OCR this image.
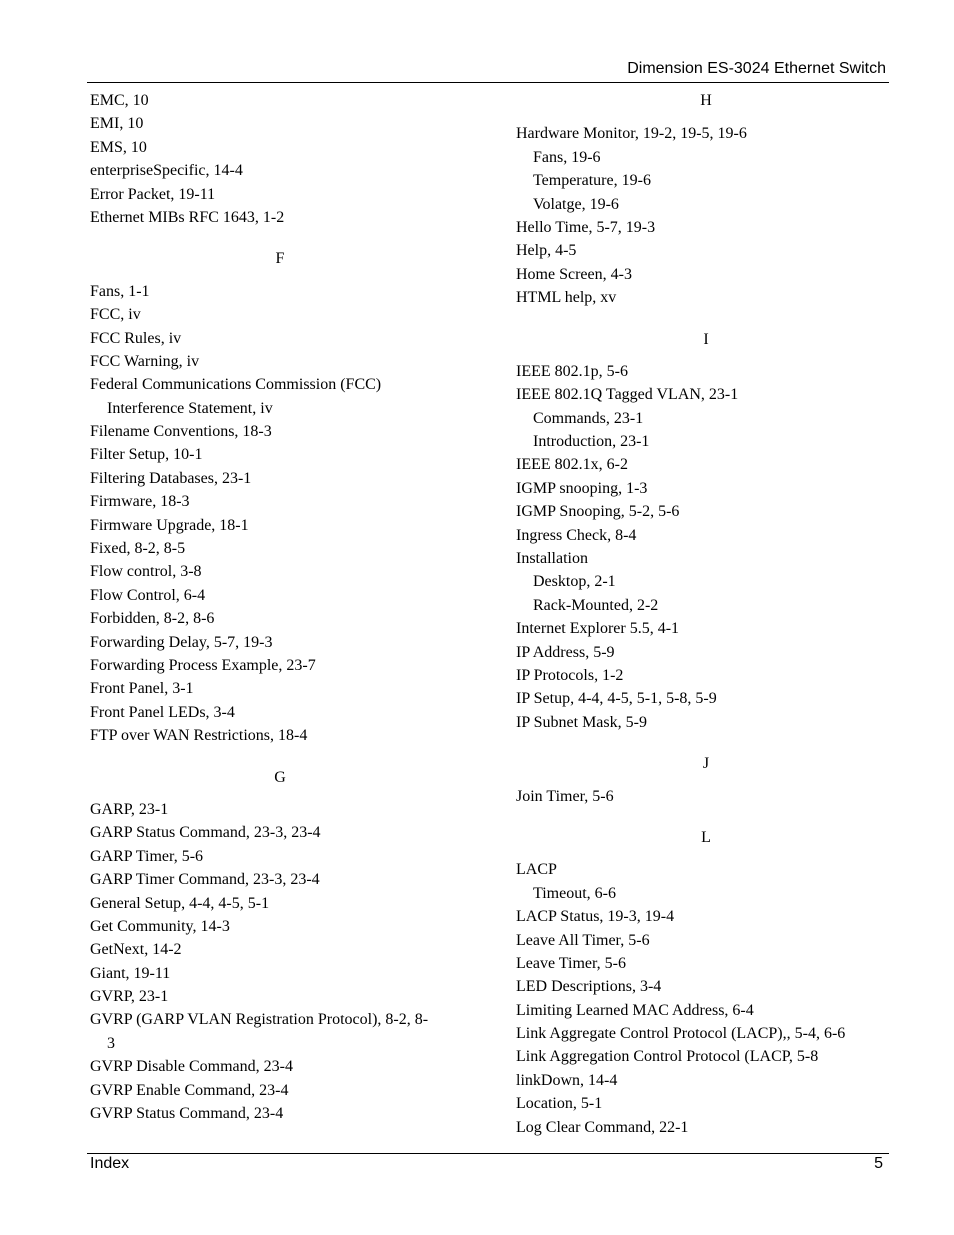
Dimension ES-3024 Ethernet Switch
EMC, 10
EMI, 10
EMS, 10
enterpriseSpecific, 14-4
Error Packet, 19-11
Ethernet MIBs RFC 1643, 1-2
F
Fans, 1-1
FCC, iv
FCC Rules, iv
FCC Warning, iv
Federal Communications Commission (FCC)
Interference Statement, iv
Filename Conventions, 18-3
Filter Setup, 10-1
Filtering Databases, 23-1
Firmware, 18-3
Firmware Upgrade, 18-1
Fixed, 8-2, 8-5
Flow control, 3-8
Flow Control, 6-4
Forbidden, 8-2, 8-6
Forwarding Delay, 5-7, 19-3
Forwarding Process Example, 23-7
Front Panel, 3-1
Front Panel LEDs, 3-4
FTP over WAN Restrictions, 18-4
G
GARP, 23-1
GARP Status Command, 23-3, 23-4
GARP Timer, 5-6
GARP Timer Command, 23-3, 23-4
General Setup, 4-4, 4-5, 5-1
Get Community, 14-3
GetNext, 14-2
Giant, 19-11
GVRP, 23-1
GVRP (GARP VLAN Registration Protocol), 8-2, 8-
3
GVRP Disable Command, 23-4
GVRP Enable Command, 23-4
GVRP Status Command, 23-4
H
Hardware Monitor, 19-2, 19-5, 19-6
Fans, 19-6
Temperature, 19-6
Volatge, 19-6
Hello Time, 5-7, 19-3
Help, 4-5
Home Screen, 4-3
HTML help, xv
I
IEEE 802.1p, 5-6
IEEE 802.1Q Tagged VLAN, 23-1
Commands, 23-1
Introduction, 23-1
IEEE 802.1x, 6-2
IGMP snooping, 1-3
IGMP Snooping, 5-2, 5-6
Ingress Check, 8-4
Installation
Desktop, 2-1
Rack-Mounted, 2-2
Internet Explorer 5.5, 4-1
IP Address, 5-9
IP Protocols, 1-2
IP Setup, 4-4, 4-5, 5-1, 5-8, 5-9
IP Subnet Mask, 5-9
J
Join Timer, 5-6
L
LACP
Timeout, 6-6
LACP Status, 19-3, 19-4
Leave All Timer, 5-6
Leave Timer, 5-6
LED Descriptions, 3-4
Limiting Learned MAC Address, 6-4
Link Aggregate Control Protocol (LACP),, 5-4, 6-6
Link Aggregation Control Protocol (LACP, 5-8
linkDown, 14-4
Location, 5-1
Log Clear Command, 22-1
Index	5
